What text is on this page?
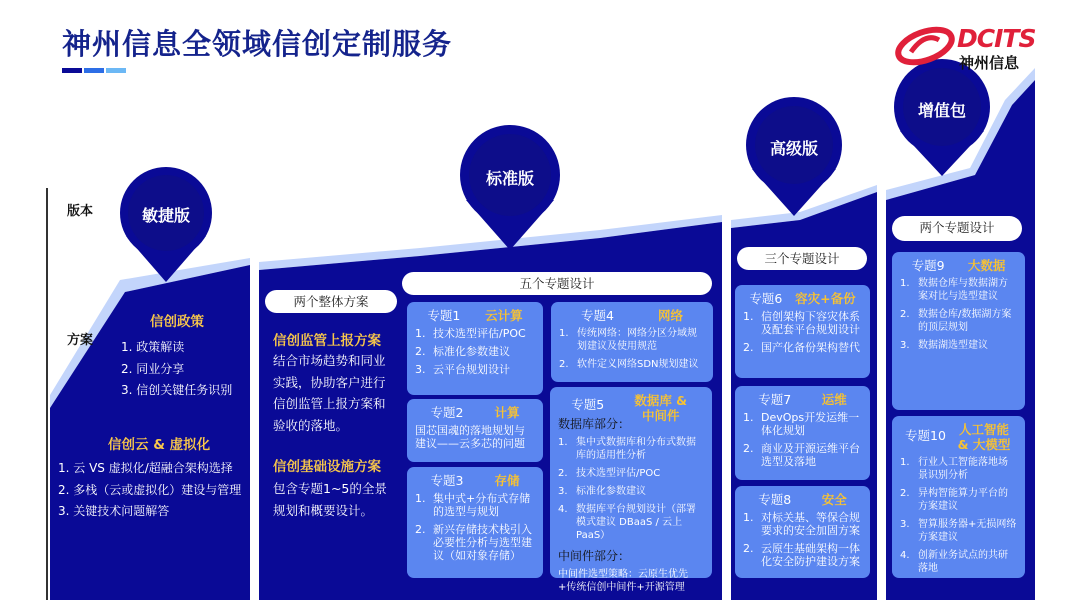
神州信息全领域信创定制服务	DCITS
神州信息
版本
方案
敏捷版
标准版
高级版
增值包
信创政策
1. 政策解读
2. 同业分享
3. 信创关键任务识别
信创云 & 虚拟化
1. 云 VS 虚拟化/超融合架构选择
2. 多栈（云或虚拟化）建设与管理
3. 关键技术问题解答
两个整体方案
五个专题设计
信创监管上报方案
结合市场趋势和同业
实践，协助客户进行
信创监管上报方案和
验收的落地。
信创基础设施方案
包含专题1~5的全景
规划和概要设计。
专题1 云计算
1. 技术选型评估/POC
2. 标准化参数建议
3. 云平台规划设计
专题2 计算
国芯国魂的落地规划与建议——云多芯的问题
专题3 存储
1. 集中式+分布式存储的选型与规划
2. 新兴存储技术栈引入必要性分析与选型建议（如对象存储）
专题4	网络
1. 传统网络：网络分区分域规划建议及使用规范
2. 软件定义网络SDN规划建议
专题5 数据库 & 中间件
数据库部分：
1. 集中式数据库和分布式数据库的适用性分析
2. 技术选型评估/POC
3. 标准化参数建议
4. 数据库平台规划设计（部署模式建议 DBaaS / 云上PaaS）
中间件部分：
中间件选型策略：云原生优先+传统信创中间件+开源管理
三个专题设计
专题6 容灾+备份
1. 信创架构下容灾体系及配套平台规划设计
2. 国产化备份架构替代
专题7 运维
1. DevOps开发运维一体化规划
2. 商业及开源运维平台选型及落地
专题8 安全
1. 对标关基、等保合规要求的安全加固方案
2. 云原生基础架构一体化安全防护建设方案
两个专题设计
专题9 大数据
1. 数据仓库与数据湖方案对比与选型建议
2. 数据仓库/数据湖方案的顶层规划
3. 数据湖选型建议
专题10 人工智能 & 大模型
1. 行业人工智能落地场景识别分析
2. 异构智能算力平台的方案建议
3. 智算服务器+无损网络方案建议
4. 创新业务试点的共研落地
